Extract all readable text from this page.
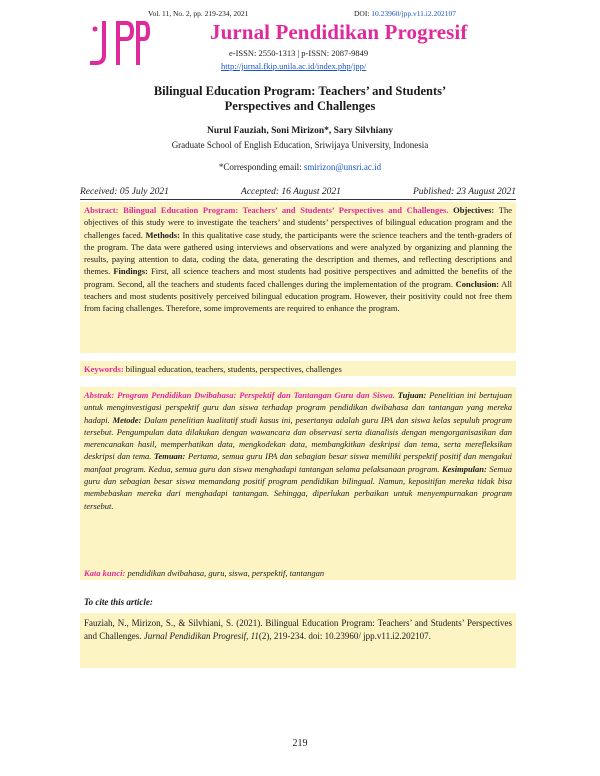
Vol. 11, No. 2, pp. 219-234, 2021	DOI: 10.23960/jpp.v11.i2.202107
JPP
Jurnal Pendidikan Progresif
e-ISSN: 2550-1313 | p-ISSN: 2087-9849
http://jurnal.fkip.unila.ac.id/index.php/jpp/
Bilingual Education Program: Teachers’ and Students’
Perspectives and Challenges
Nurul Fauziah, Soni Mirizon*, Sary Silvhiany
Graduate School of English Education, Sriwijaya University, Indonesia
*Corresponding email: smirizon@unsri.ac.id
Received: 05 July 2021	Accepted: 16 August 2021	Published: 23 August 2021
Abstract: Bilingual Education Program: Teachers’ and Students’ Perspectives and Challenges. Objectives: The objectives of this study were to investigate the teachers’ and students’ perspectives of bilingual education program and the challenges faced. Methods: In this qualitative case study, the participants were the science teachers and the tenth-graders of the program. The data were gathered using interviews and observations and were analyzed by organizing and planning the results, paying attention to data, coding the data, generating the description and themes, and reflecting descriptions and themes. Findings: First, all science teachers and most students had positive perspectives and admitted the benefits of the program. Second, all the teachers and students faced challenges during the implementation of the program. Conclusion: All teachers and most students positively perceived bilingual education program. However, their positivity could not free them from facing challenges. Therefore, some improvements are required to enhance the program.
Keywords: bilingual education, teachers, students, perspectives, challenges
Abstrak: Program Pendidikan Dwibahasa: Perspektif dan Tantangan Guru dan Siswa. Tujuan: Penelitian ini bertujuan untuk menginvestigasi perspektif guru dan siswa terhadap program pendidikan dwibahasa dan tantangan yang mereka hadapi. Metode: Dalam penelitian kualitatif studi kasus ini, pesertanya adalah guru IPA dan siswa kelas sepuluh program tersebut. Pengumpulan data dilakukan dengan wawancara dan observasi serta dianalisis dengan mengorganisasikan dan merencanakan hasil, memperhatikan data, mengkodekan data, membangkitkan deskripsi dan tema, serta merefleksikan deskripsi dan tema. Temuan: Pertama, semua guru IPA dan sebagian besar siswa memiliki perspektif positif dan mengakui manfaat program. Kedua, semua guru dan siswa menghadapi tantangan selama pelaksanaan program. Kesimpulan: Semua guru dan sebagian besar siswa memandang positif program pendidikan bilingual. Namun, kepositifan mereka tidak bisa membebaskan mereka dari menghadapi tantangan. Sehingga, diperlukan perbaikan untuk menyempurnakan program tersebut.
Kata kunci: pendidikan dwibahasa, guru, siswa, perspektif, tantangan
To cite this article:
Fauziah, N., Mirizon, S., & Silvhiani, S. (2021). Bilingual Education Program: Teachers’ and Students’ Perspectives and Challenges. Jurnal Pendidikan Progresif, 11(2), 219-234. doi: 10.23960/ jpp.v11.i2.202107.
219
